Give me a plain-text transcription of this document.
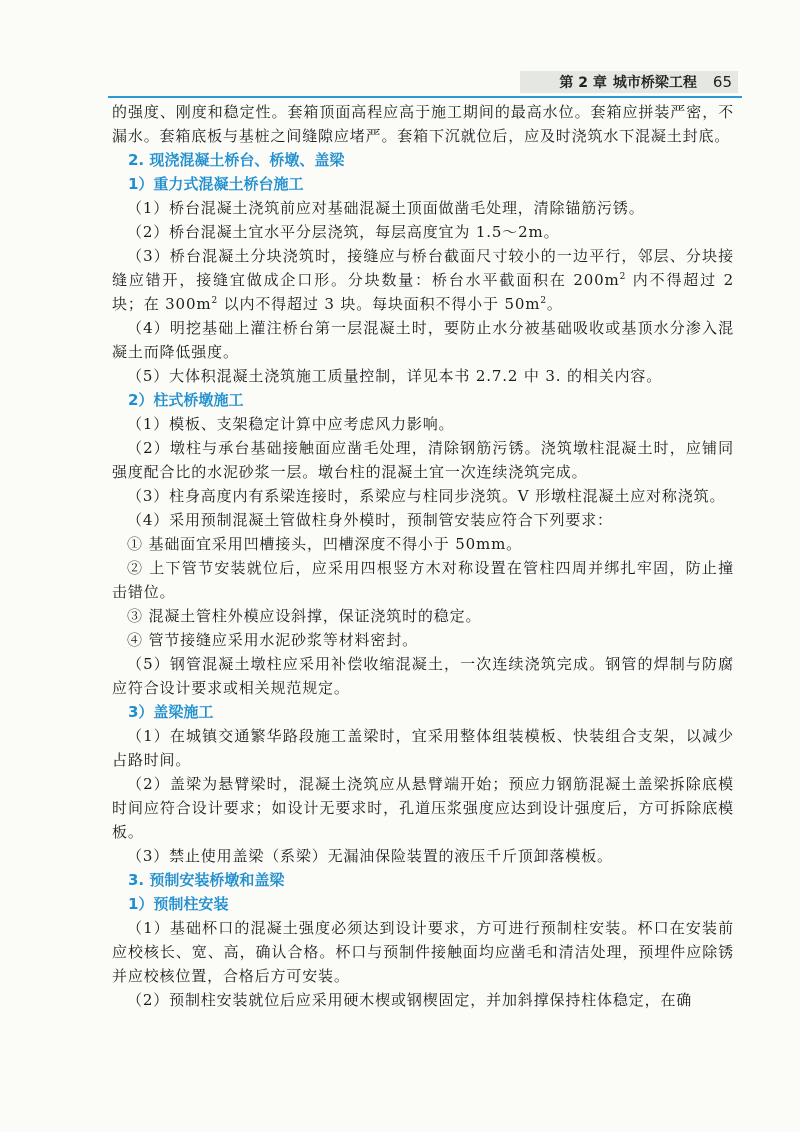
第 2 章 城市桥梁工程 65

的强度、刚度和稳定性。套箱顶面高程应高于施工期间的最高水位。套箱应拼装严密，不漏水。套箱底板与基桩之间缝隙应堵严。套箱下沉就位后，应及时浇筑水下混凝土封底。

2. 现浇混凝土桥台、桥墩、盖梁

1）重力式混凝土桥台施工

（1）桥台混凝土浇筑前应对基础混凝土顶面做凿毛处理，清除锚筋污锈。

（2）桥台混凝土宜水平分层浇筑，每层高度宜为 1.5～2m。

（3）桥台混凝土分块浇筑时，接缝应与桥台截面尺寸较小的一边平行，邻层、分块接缝应错开，接缝宜做成企口形。分块数量：桥台水平截面积在 $200m^2$ 内不得超过 2 块；在 $300m^2$ 以内不得超过 3 块。每块面积不得小于 $50m^2$。

（4）明挖基础上灌注桥台第一层混凝土时，要防止水分被基础吸收或基顶水分渗入混凝土而降低强度。

（5）大体积混凝土浇筑施工质量控制，详见本书 2.7.2 中 3. 的相关内容。

2）柱式桥墩施工

（1）模板、支架稳定计算中应考虑风力影响。

（2）墩柱与承台基础接触面应凿毛处理，清除钢筋污锈。浇筑墩柱混凝土时，应铺同强度配合比的水泥砂浆一层。墩台柱的混凝土宜一次连续浇筑完成。

（3）柱身高度内有系梁连接时，系梁应与柱同步浇筑。V 形墩柱混凝土应对称浇筑。

（4）采用预制混凝土管做柱身外模时，预制管安装应符合下列要求：

① 基础面宜采用凹槽接头，凹槽深度不得小于 50mm。

② 上下管节安装就位后，应采用四根竖方木对称设置在管柱四周并绑扎牢固，防止撞击错位。

③ 混凝土管柱外模应设斜撑，保证浇筑时的稳定。

④ 管节接缝应采用水泥砂浆等材料密封。

（5）钢管混凝土墩柱应采用补偿收缩混凝土，一次连续浇筑完成。钢管的焊制与防腐应符合设计要求或相关规范规定。

3）盖梁施工

（1）在城镇交通繁华路段施工盖梁时，宜采用整体组装模板、快装组合支架，以减少占路时间。

（2）盖梁为悬臂梁时，混凝土浇筑应从悬臂端开始；预应力钢筋混凝土盖梁拆除底模时间应符合设计要求；如设计无要求时，孔道压浆强度应达到设计强度后，方可拆除底模板。

（3）禁止使用盖梁（系梁）无漏油保险装置的液压千斤顶卸落模板。

3. 预制安装桥墩和盖梁

1）预制柱安装

（1）基础杯口的混凝土强度必须达到设计要求，方可进行预制柱安装。杯口在安装前应校核长、宽、高，确认合格。杯口与预制件接触面均应凿毛和清洁处理，预埋件应除锈并应校核位置，合格后方可安装。

（2）预制柱安装就位后应采用硬木楔或钢楔固定，并加斜撑保持柱体稳定，在确
